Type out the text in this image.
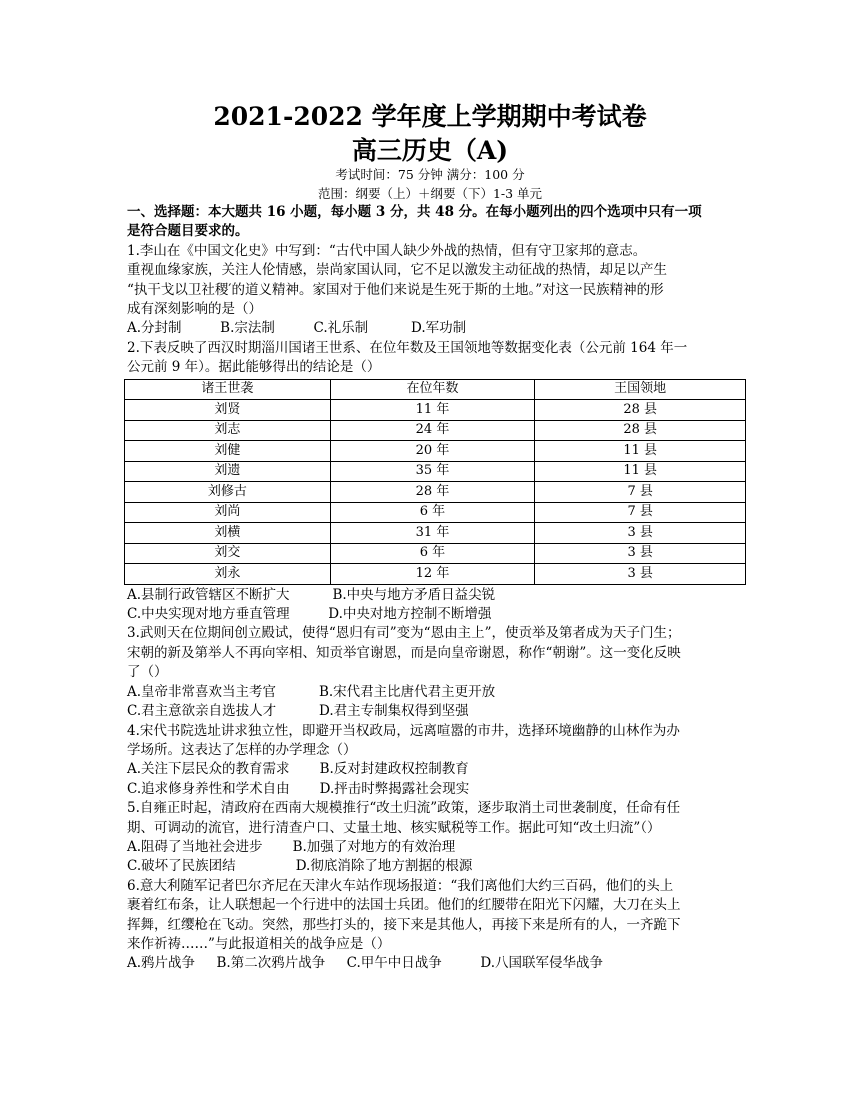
2021-2022 学年度上学期期中考试卷
高三历史（A)
考试时间：75 分钟 满分：100 分
范围：纲要（上）＋纲要（下）1-3 单元

一、选择题：本大题共 16 小题，每小题 3 分，共 48 分。在每小题列出的四个选项中只有一项

是符合题目要求的。

1.李山在《中国文化史》中写到：“古代中国人缺少外战的热情，但有守卫家邦的意志。

重视血缘家族，关注人伦情感，崇尚家国认同，它不足以激发主动征战的热情，却足以产生

“执干戈以卫社稷′的道义精神。家国对于他们来说是生死于斯的土地。”对这一民族精神的形

成有深刻影响的是（）

A.分封制         B.宗法制         C.礼乐制          D.军功制

2.下表反映了西汉时期淄川国诸王世系、在位年数及王国领地等数据变化表（公元前 164 年一

公元前 9 年）。据此能够得出的结论是（）

诸王世袭	在位年数	王国领地
刘贤	11 年	28 县
刘志	24 年	28 县
刘健	20 年	11 县
刘遗	35 年	11 县
刘修古	28 年	7 县
刘尚	6 年	7 县
刘横	31 年	3 县
刘交	6 年	3 县
刘永	12 年	3 县

A.县制行政管辖区不断扩大          B.中央与地方矛盾日益尖锐

C.中央实现对地方垂直管理         D.中央对地方控制不断增强

3.武则天在位期间创立殿试，使得“恩归有司”变为“恩由主上”，使贡举及第者成为天子门生；

宋朝的新及第举人不再向宰相、知贡举官谢恩，而是向皇帝谢恩，称作“朝谢”。这一变化反映

了（）

A.皇帝非常喜欢当主考官          B.宋代君主比唐代君主更开放

C.君主意欲亲自选拔人才          D.君主专制集权得到坚强

4.宋代书院选址讲求独立性，即避开当权政局，远离喧嚣的市井，选择环境幽静的山林作为办

学场所。这表达了怎样的办学理念（）

A.关注下层民众的教育需求       B.反对封建政权控制教育

C.追求修身养性和学术自由       D.抨击时弊揭露社会现实

5.自雍正时起，清政府在西南大规模推行“改土归流”政策，逐步取消土司世袭制度，任命有任

期、可调动的流官，进行清查户口、丈量土地、核实赋税等工作。据此可知“改土归流”（）

A.阻碍了当地社会进步       B.加强了对地方的有效治理

C.破坏了民族团结              D.彻底消除了地方割据的根源

6.意大利随军记者巴尔齐尼在天津火车站作现场报道：“我们离他们大约三百码，他们的头上

裹着红布条，让人联想起一个行进中的法国士兵团。他们的红腰带在阳光下闪耀，大刀在头上

挥舞，红缨枪在飞动。突然，那些打头的，接下来是其他人，再接下来是所有的人，一齐跪下

来作祈祷……”与此报道相关的战争应是（）

A.鸦片战争     B.第二次鸦片战争     C.甲午中日战争         D.八国联军侵华战争
